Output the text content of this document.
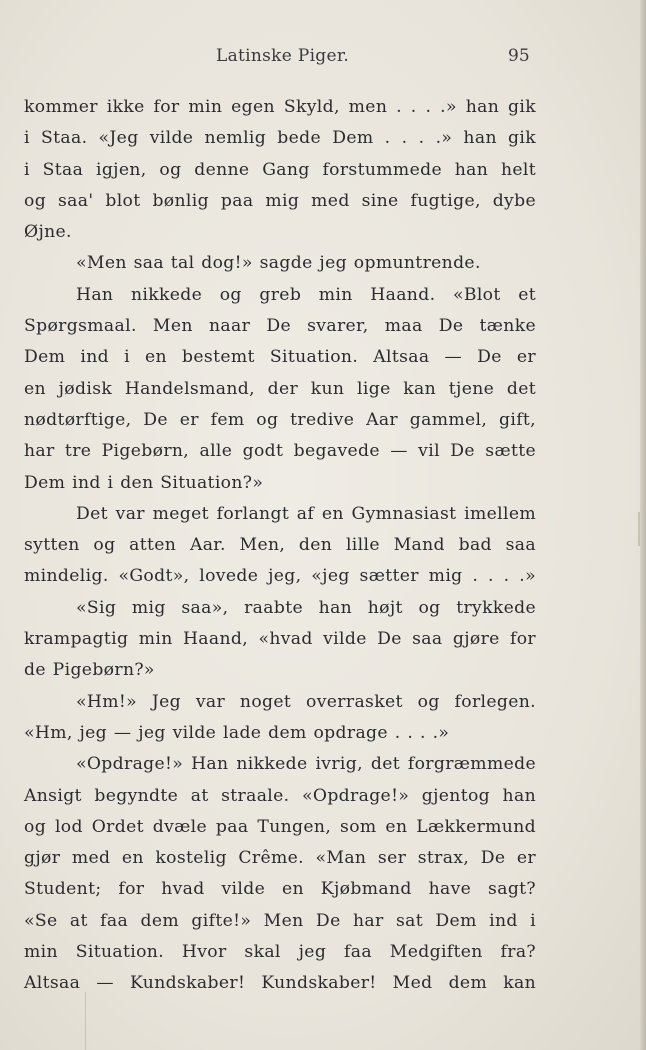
Latinske Piger.	95
kommer ikke for min egen Skyld, men . . . .» han gik
i Staa. «Jeg vilde nemlig bede Dem . . . .» han gik
i Staa igjen, og denne Gang forstummede han helt
og saa' blot bønlig paa mig med sine fugtige, dybe
Øjne.
«Men saa tal dog!» sagde jeg opmuntrende.
Han nikkede og greb min Haand. «Blot et
Spørgsmaal. Men naar De svarer, maa De tænke
Dem ind i en bestemt Situation. Altsaa — De er
en jødisk Handelsmand, der kun lige kan tjene det
nødtørftige, De er fem og tredive Aar gammel, gift,
har tre Pigebørn, alle godt begavede — vil De sætte
Dem ind i den Situation?»
Det var meget forlangt af en Gymnasiast imellem
sytten og atten Aar. Men, den lille Mand bad saa
mindelig. «Godt», lovede jeg, «jeg sætter mig . . . .»
«Sig mig saa», raabte han højt og trykkede
krampagtig min Haand, «hvad vilde De saa gjøre for
de Pigebørn?»
«Hm!» Jeg var noget overrasket og forlegen.
«Hm, jeg — jeg vilde lade dem opdrage . . . .»
«Opdrage!» Han nikkede ivrig, det forgræmmede
Ansigt begyndte at straale. «Opdrage!» gjentog han
og lod Ordet dvæle paa Tungen, som en Lækkermund
gjør med en kostelig Crême. «Man ser strax, De er
Student; for hvad vilde en Kjøbmand have sagt?
«Se at faa dem gifte!» Men De har sat Dem ind i
min Situation. Hvor skal jeg faa Medgiften fra?
Altsaa — Kundskaber! Kundskaber! Med dem kan
